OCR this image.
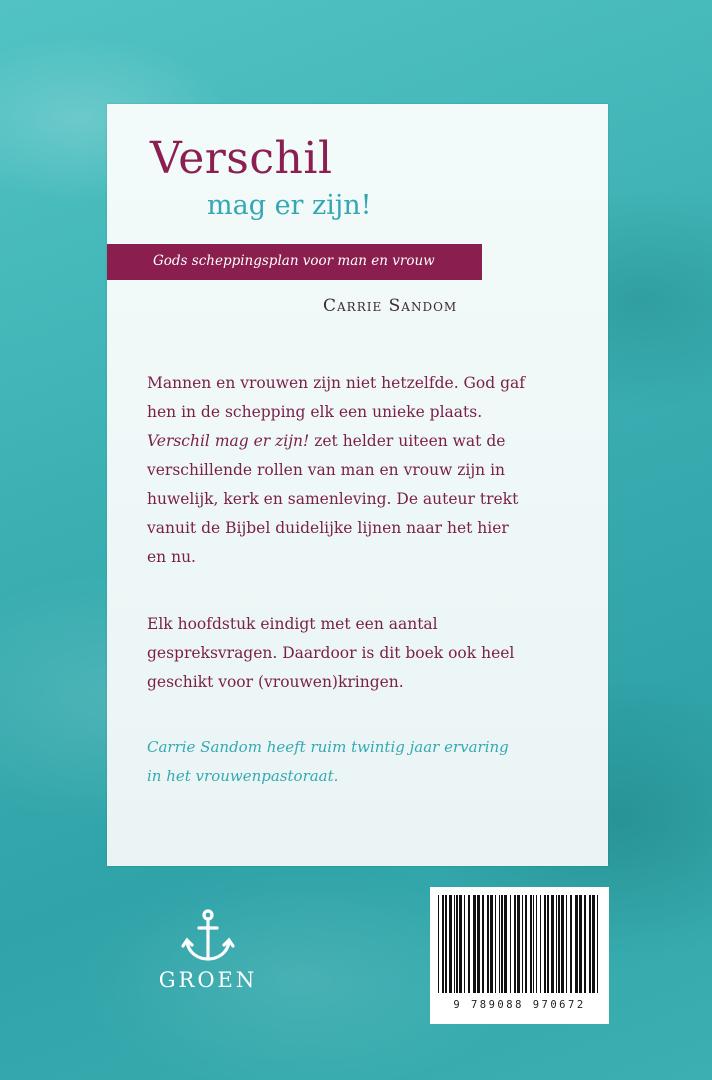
Verschil
mag er zijn!
Gods scheppingsplan voor man en vrouw
Carrie Sandom

Mannen en vrouwen zijn niet hetzelfde. God gaf
hen in de schepping elk een unieke plaats.
Verschil mag er zijn! zet helder uiteen wat de
verschillende rollen van man en vrouw zijn in
huwelijk, kerk en samenleving. De auteur trekt
vanuit de Bijbel duidelijke lijnen naar het hier
en nu.

Elk hoofdstuk eindigt met een aantal
gespreksvragen. Daardoor is dit boek ook heel
geschikt voor (vrouwen)kringen.

Carrie Sandom heeft ruim twintig jaar ervaring
in het vrouwenpastoraat.

GROEN
9 789088 970672
